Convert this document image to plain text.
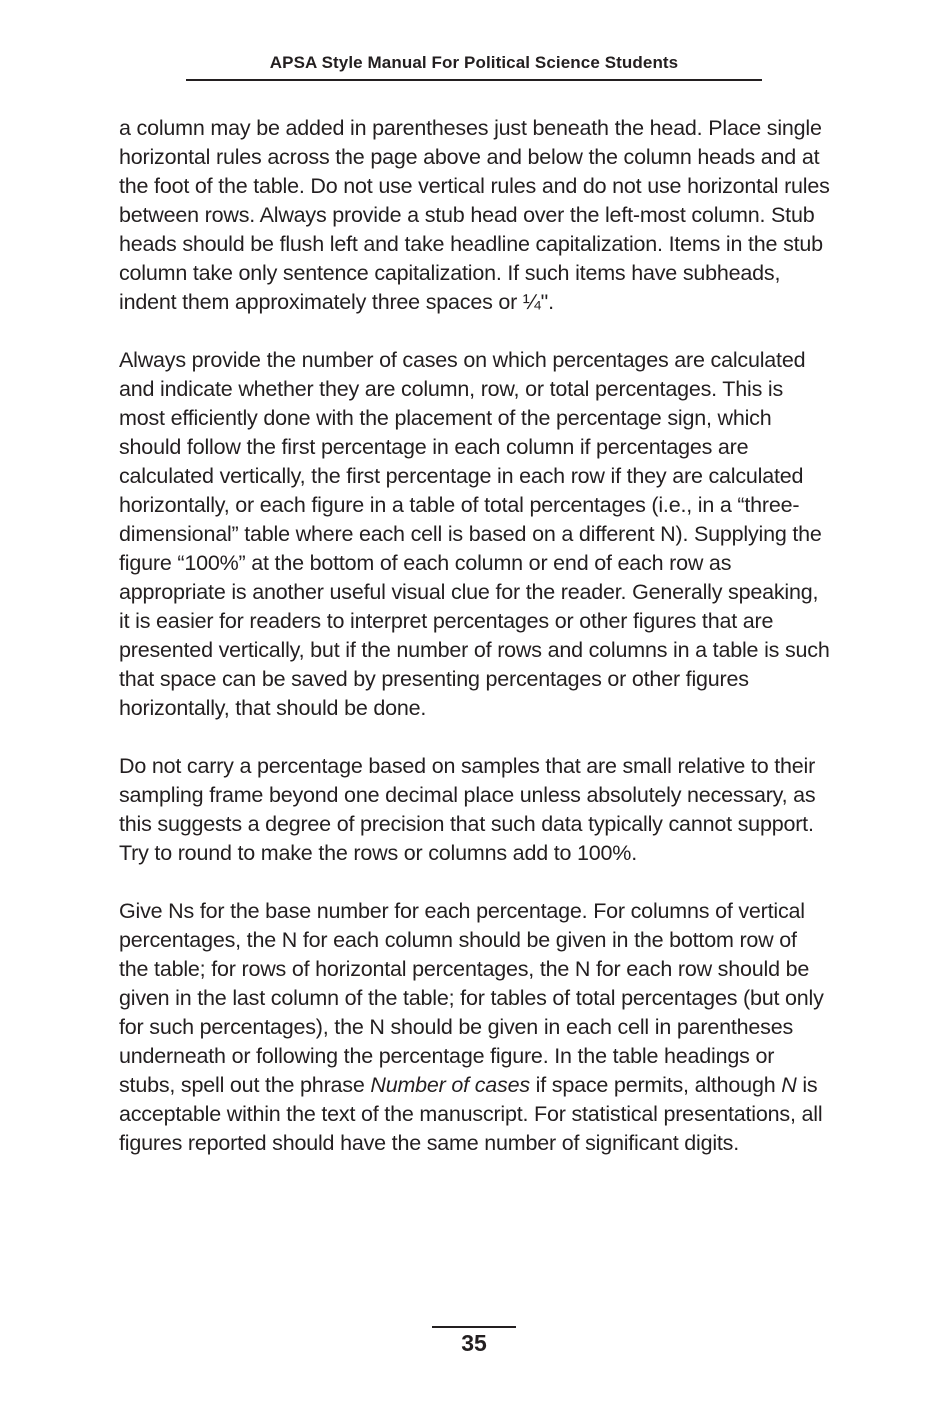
APSA Style Manual For Political Science Students

a column may be added in parentheses just beneath the head. Place single horizontal rules across the page above and below the column heads and at the foot of the table. Do not use vertical rules and do not use horizontal rules between rows. Always provide a stub head over the left-most column. Stub heads should be flush left and take headline capitalization. Items in the stub column take only sentence capitalization. If such items have subheads, indent them approximately three spaces or ¼".

Always provide the number of cases on which percentages are calculated and indicate whether they are column, row, or total percentages. This is most efficiently done with the placement of the percentage sign, which should follow the first percentage in each column if percentages are calculated vertically, the first percentage in each row if they are calculated horizontally, or each figure in a table of total percentages (i.e., in a “three-dimensional” table where each cell is based on a different N). Supplying the figure “100%” at the bottom of each column or end of each row as appropriate is another useful visual clue for the reader. Generally speaking, it is easier for readers to interpret percentages or other figures that are presented vertically, but if the number of rows and columns in a table is such that space can be saved by presenting percentages or other figures horizontally, that should be done.

Do not carry a percentage based on samples that are small relative to their sampling frame beyond one decimal place unless absolutely necessary, as this suggests a degree of precision that such data typically cannot support. Try to round to make the rows or columns add to 100%.

Give Ns for the base number for each percentage. For columns of vertical percentages, the N for each column should be given in the bottom row of the table; for rows of horizontal percentages, the N for each row should be given in the last column of the table; for tables of total percentages (but only for such percentages), the N should be given in each cell in parentheses underneath or following the percentage figure. In the table headings or stubs, spell out the phrase Number of cases if space permits, although N is acceptable within the text of the manuscript. For statistical presentations, all figures reported should have the same number of significant digits.

35
